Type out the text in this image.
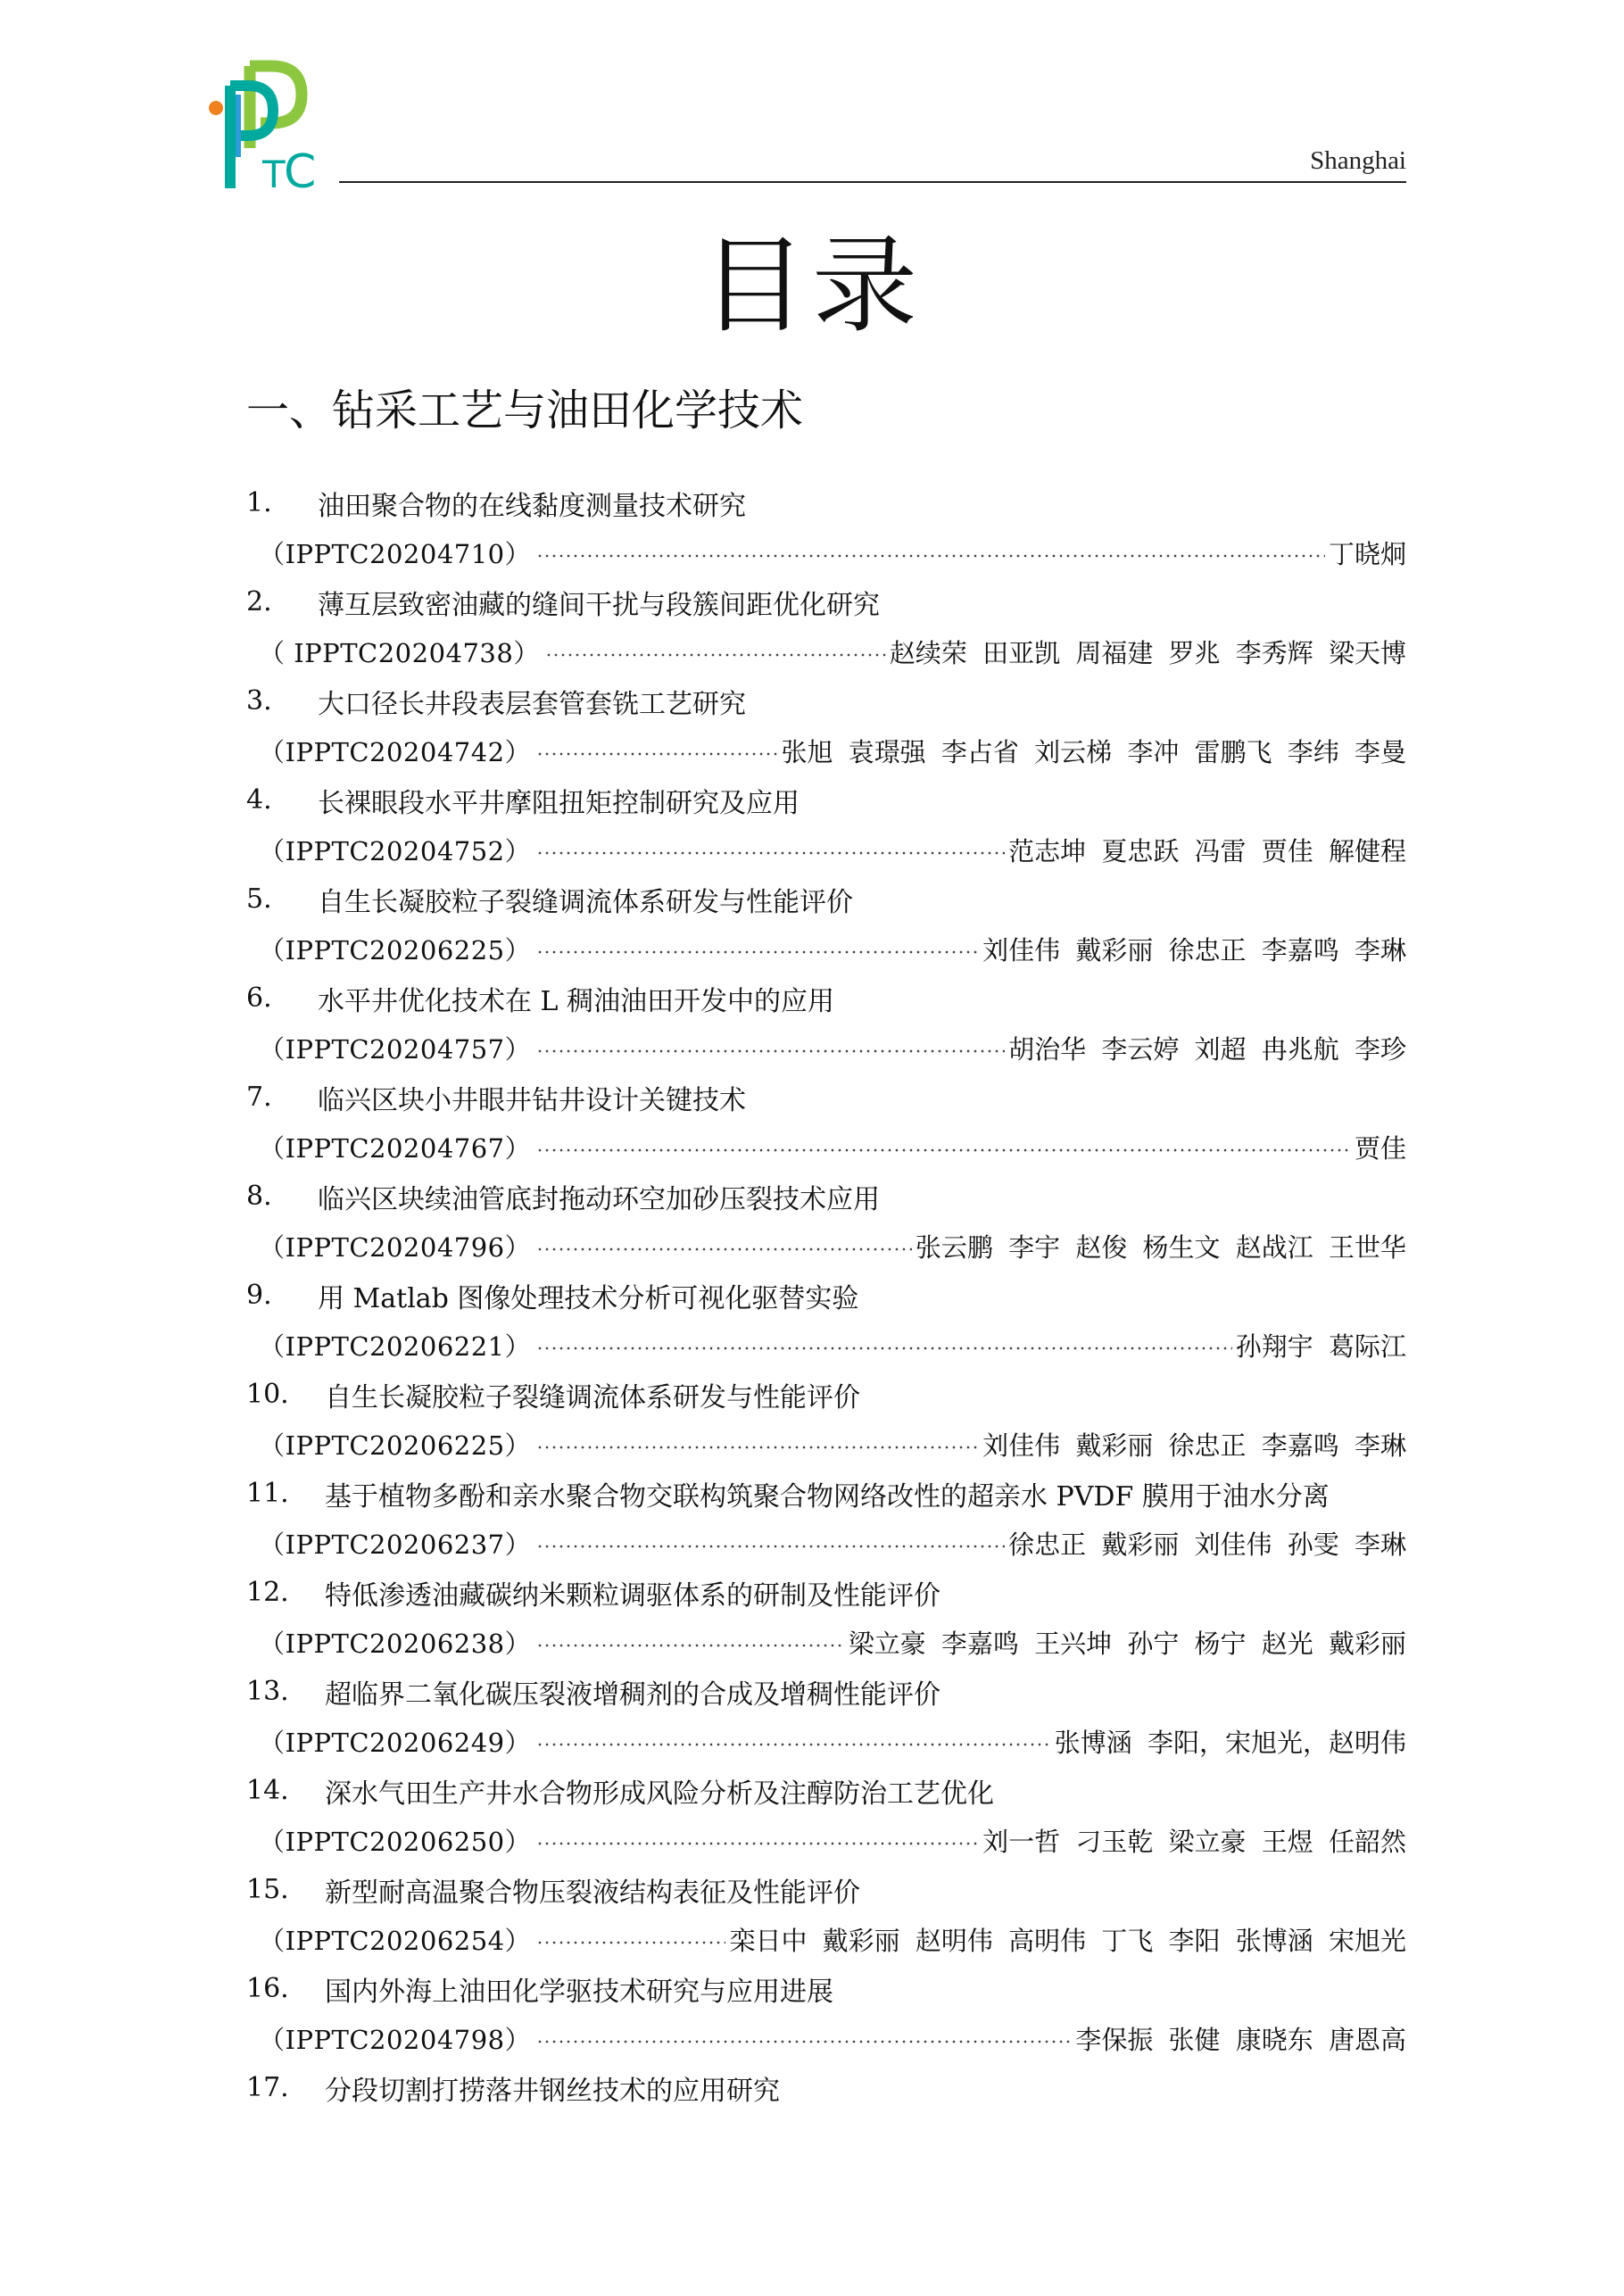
P
T
C	Shanghai
目录
一、钻采工艺与油田化学技术
1.	油田聚合物的在线黏度测量技术研究
（IPPTC20204710）	丁晓炯
2.	薄互层致密油藏的缝间干扰与段簇间距优化研究
（ IPPTC20204738）	赵续荣 田亚凯 周福建 罗兆 李秀辉 梁天博
3.	大口径长井段表层套管套铣工艺研究
（IPPTC20204742）	张旭 袁璟强 李占省 刘云梯 李冲 雷鹏飞 李纬 李曼
4.	长裸眼段水平井摩阻扭矩控制研究及应用
（IPPTC20204752）	范志坤 夏忠跃 冯雷 贾佳 解健程
5.	自生长凝胶粒子裂缝调流体系研发与性能评价
（IPPTC20206225）	刘佳伟 戴彩丽 徐忠正 李嘉鸣 李琳
6.	水平井优化技术在 L 稠油油田开发中的应用
（IPPTC20204757）	胡治华 李云婷 刘超 冉兆航 李珍
7.	临兴区块小井眼井钻井设计关键技术
（IPPTC20204767）	贾佳
8.	临兴区块续油管底封拖动环空加砂压裂技术应用
（IPPTC20204796）	张云鹏 李宇 赵俊 杨生文 赵战江 王世华
9.	用 Matlab 图像处理技术分析可视化驱替实验
（IPPTC20206221）	孙翔宇 葛际江
10.	自生长凝胶粒子裂缝调流体系研发与性能评价
（IPPTC20206225）	刘佳伟 戴彩丽 徐忠正 李嘉鸣 李琳
11.	基于植物多酚和亲水聚合物交联构筑聚合物网络改性的超亲水 PVDF 膜用于油水分离
（IPPTC20206237）	徐忠正 戴彩丽 刘佳伟 孙雯 李琳
12.	特低渗透油藏碳纳米颗粒调驱体系的研制及性能评价
（IPPTC20206238）	梁立豪 李嘉鸣 王兴坤 孙宁 杨宁 赵光 戴彩丽
13.	超临界二氧化碳压裂液增稠剂的合成及增稠性能评价
（IPPTC20206249）	张博涵 李阳，宋旭光，赵明伟
14.	深水气田生产井水合物形成风险分析及注醇防治工艺优化
（IPPTC20206250）	刘一哲 刁玉乾 梁立豪 王煜 任韶然
15.	新型耐高温聚合物压裂液结构表征及性能评价
（IPPTC20206254）	栾日中 戴彩丽 赵明伟 高明伟 丁飞 李阳 张博涵 宋旭光
16.	国内外海上油田化学驱技术研究与应用进展
（IPPTC20204798）	李保振 张健 康晓东 唐恩高
17.	分段切割打捞落井钢丝技术的应用研究
